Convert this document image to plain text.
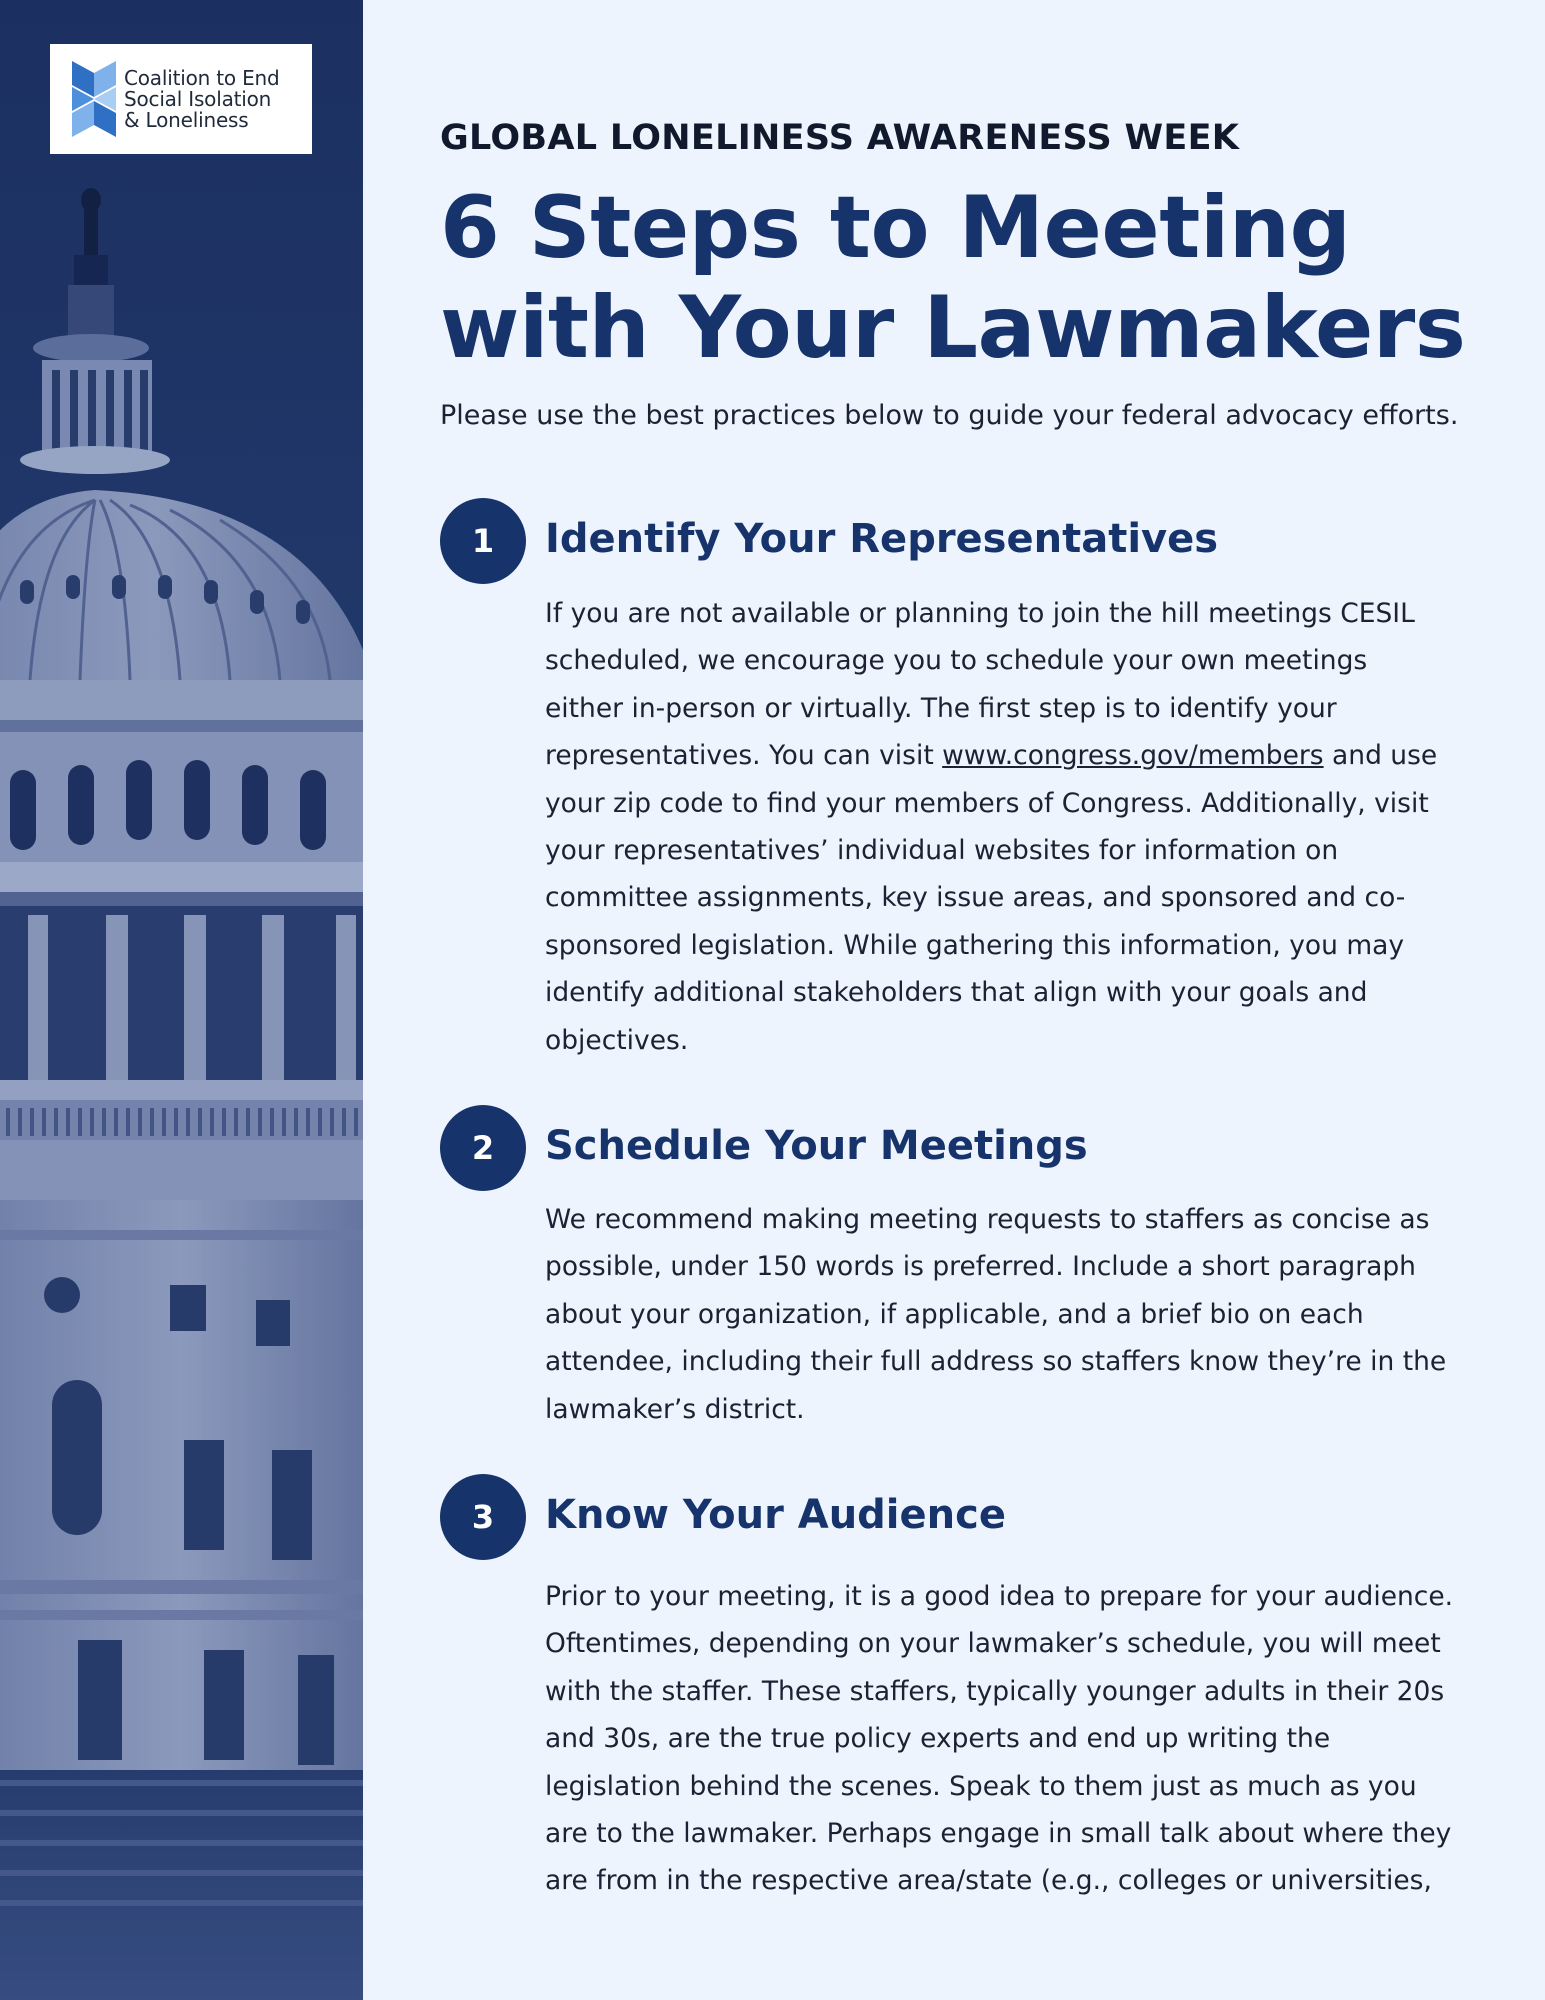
Coalition to End
Social Isolation
& Loneliness	GLOBAL LONELINESS AWARENESS WEEK
6 Steps to Meeting
with Your Lawmakers
Please use the best practices below to guide your federal advocacy efforts.
1	Identify Your Representatives
If you are not available or planning to join the hill meetings CESIL
scheduled, we encourage you to schedule your own meetings
either in-person or virtually. The first step is to identify your
representatives. You can visit www.congress.gov/members and use
your zip code to find your members of Congress. Additionally, visit
your representatives’ individual websites for information on
committee assignments, key issue areas, and sponsored and co-
sponsored legislation. While gathering this information, you may
identify additional stakeholders that align with your goals and
objectives.
2	Schedule Your Meetings
We recommend making meeting requests to staffers as concise as
possible, under 150 words is preferred. Include a short paragraph
about your organization, if applicable, and a brief bio on each
attendee, including their full address so staffers know they’re in the
lawmaker’s district.
3	Know Your Audience
Prior to your meeting, it is a good idea to prepare for your audience.
Oftentimes, depending on your lawmaker’s schedule, you will meet
with the staffer. These staffers, typically younger adults in their 20s
and 30s, are the true policy experts and end up writing the
legislation behind the scenes. Speak to them just as much as you
are to the lawmaker. Perhaps engage in small talk about where they
are from in the respective area/state (e.g., colleges or universities,
